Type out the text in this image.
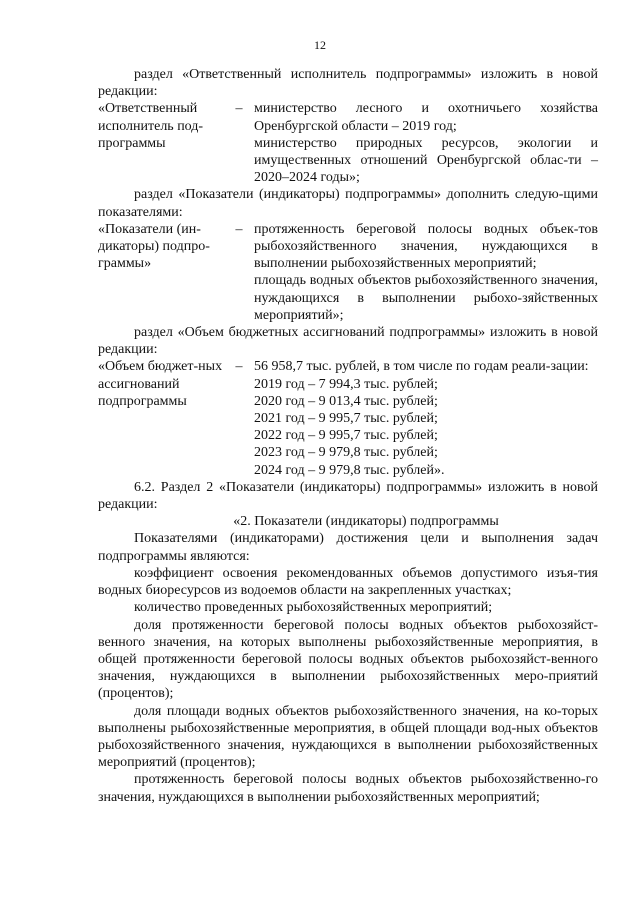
12

раздел «Ответственный исполнитель подпрограммы» изложить в новой редакции:

«Ответственный исполнитель под-программы
– министерство лесного и охотничьего хозяйства Оренбургской области – 2019 год;
министерство природных ресурсов, экологии и имущественных отношений Оренбургской облас-ти – 2020–2024 годы»;

раздел «Показатели (индикаторы) подпрограммы» дополнить следую-щими показателями:

«Показатели (ин-дикаторы) подпро-граммы»
– протяженность береговой полосы водных объек-тов рыбохозяйственного значения, нуждающихся в выполнении рыбохозяйственных мероприятий;
площадь водных объектов рыбохозяйственного значения, нуждающихся в выполнении рыбохо-зяйственных мероприятий»;

раздел «Объем бюджетных ассигнований подпрограммы» изложить в новой редакции:

«Объем бюджет-ных ассигнований подпрограммы
– 56 958,7 тыс. рублей, в том числе по годам реали-зации:
2019 год – 7 994,3 тыс. рублей;
2020 год – 9 013,4 тыс. рублей;
2021 год – 9 995,7 тыс. рублей;
2022 год – 9 995,7 тыс. рублей;
2023 год – 9 979,8 тыс. рублей;
2024 год – 9 979,8 тыс. рублей».

6.2. Раздел 2 «Показатели (индикаторы) подпрограммы» изложить в новой редакции:

«2. Показатели (индикаторы) подпрограммы

Показателями (индикаторами) достижения цели и выполнения задач подпрограммы являются:

коэффициент освоения рекомендованных объемов допустимого изъя-тия водных биоресурсов из водоемов области на закрепленных участках;

количество проведенных рыбохозяйственных мероприятий;

доля протяженности береговой полосы водных объектов рыбохозяйст-венного значения, на которых выполнены рыбохозяйственные мероприятия, в общей протяженности береговой полосы водных объектов рыбохозяйст-венного значения, нуждающихся в выполнении рыбохозяйственных меро-приятий (процентов);

доля площади водных объектов рыбохозяйственного значения, на ко-торых выполнены рыбохозяйственные мероприятия, в общей площади вод-ных объектов рыбохозяйственного значения, нуждающихся в выполнении рыбохозяйственных мероприятий (процентов);

протяженность береговой полосы водных объектов рыбохозяйственно-го значения, нуждающихся в выполнении рыбохозяйственных мероприятий;
